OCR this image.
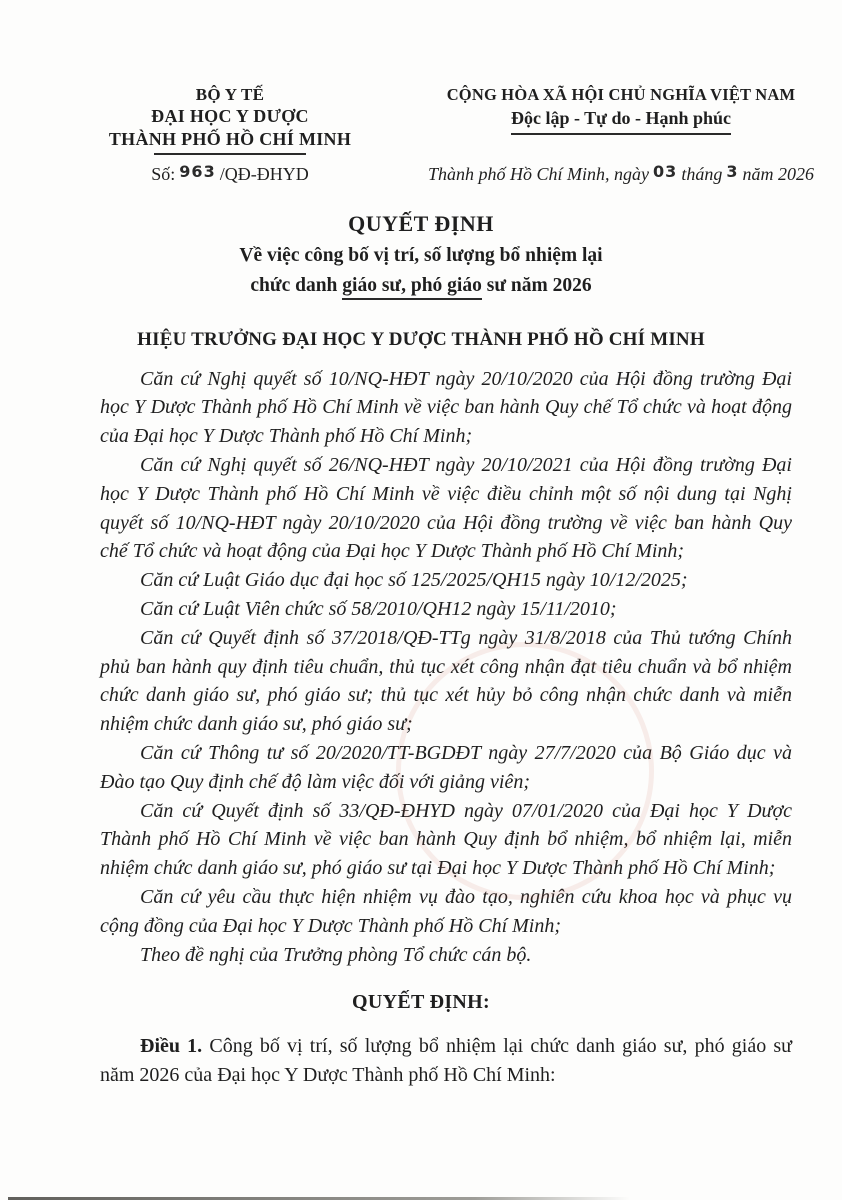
BỘ Y TẾ
ĐẠI HỌC Y DƯỢC
THÀNH PHỐ HỒ CHÍ MINH
Số: 963 /QĐ-ĐHYD
CỘNG HÒA XÃ HỘI CHỦ NGHĨA VIỆT NAM
Độc lập - Tự do - Hạnh phúc
Thành phố Hồ Chí Minh, ngày 03 tháng 3 năm 2026
QUYẾT ĐỊNH
Về việc công bố vị trí, số lượng bổ nhiệm lại
chức danh giáo sư, phó giáo sư năm 2026
HIỆU TRƯỞNG ĐẠI HỌC Y DƯỢC THÀNH PHỐ HỒ CHÍ MINH

Căn cứ Nghị quyết số 10/NQ-HĐT ngày 20/10/2020 của Hội đồng trường Đại học Y Dược Thành phố Hồ Chí Minh về việc ban hành Quy chế Tổ chức và hoạt động của Đại học Y Dược Thành phố Hồ Chí Minh;

Căn cứ Nghị quyết số 26/NQ-HĐT ngày 20/10/2021 của Hội đồng trường Đại học Y Dược Thành phố Hồ Chí Minh về việc điều chỉnh một số nội dung tại Nghị quyết số 10/NQ-HĐT ngày 20/10/2020 của Hội đồng trường về việc ban hành Quy chế Tổ chức và hoạt động của Đại học Y Dược Thành phố Hồ Chí Minh;

Căn cứ Luật Giáo dục đại học số 125/2025/QH15 ngày 10/12/2025;

Căn cứ Luật Viên chức số 58/2010/QH12 ngày 15/11/2010;

Căn cứ Quyết định số 37/2018/QĐ-TTg ngày 31/8/2018 của Thủ tướng Chính phủ ban hành quy định tiêu chuẩn, thủ tục xét công nhận đạt tiêu chuẩn và bổ nhiệm chức danh giáo sư, phó giáo sư; thủ tục xét hủy bỏ công nhận chức danh và miễn nhiệm chức danh giáo sư, phó giáo sư;

Căn cứ Thông tư số 20/2020/TT-BGDĐT ngày 27/7/2020 của Bộ Giáo dục và Đào tạo Quy định chế độ làm việc đối với giảng viên;

Căn cứ Quyết định số 33/QĐ-ĐHYD ngày 07/01/2020 của Đại học Y Dược Thành phố Hồ Chí Minh về việc ban hành Quy định bổ nhiệm, bổ nhiệm lại, miễn nhiệm chức danh giáo sư, phó giáo sư tại Đại học Y Dược Thành phố Hồ Chí Minh;

Căn cứ yêu cầu thực hiện nhiệm vụ đào tạo, nghiên cứu khoa học và phục vụ cộng đồng của Đại học Y Dược Thành phố Hồ Chí Minh;

Theo đề nghị của Trưởng phòng Tổ chức cán bộ.

QUYẾT ĐỊNH:

Điều 1. Công bố vị trí, số lượng bổ nhiệm lại chức danh giáo sư, phó giáo sư năm 2026 của Đại học Y Dược Thành phố Hồ Chí Minh:
